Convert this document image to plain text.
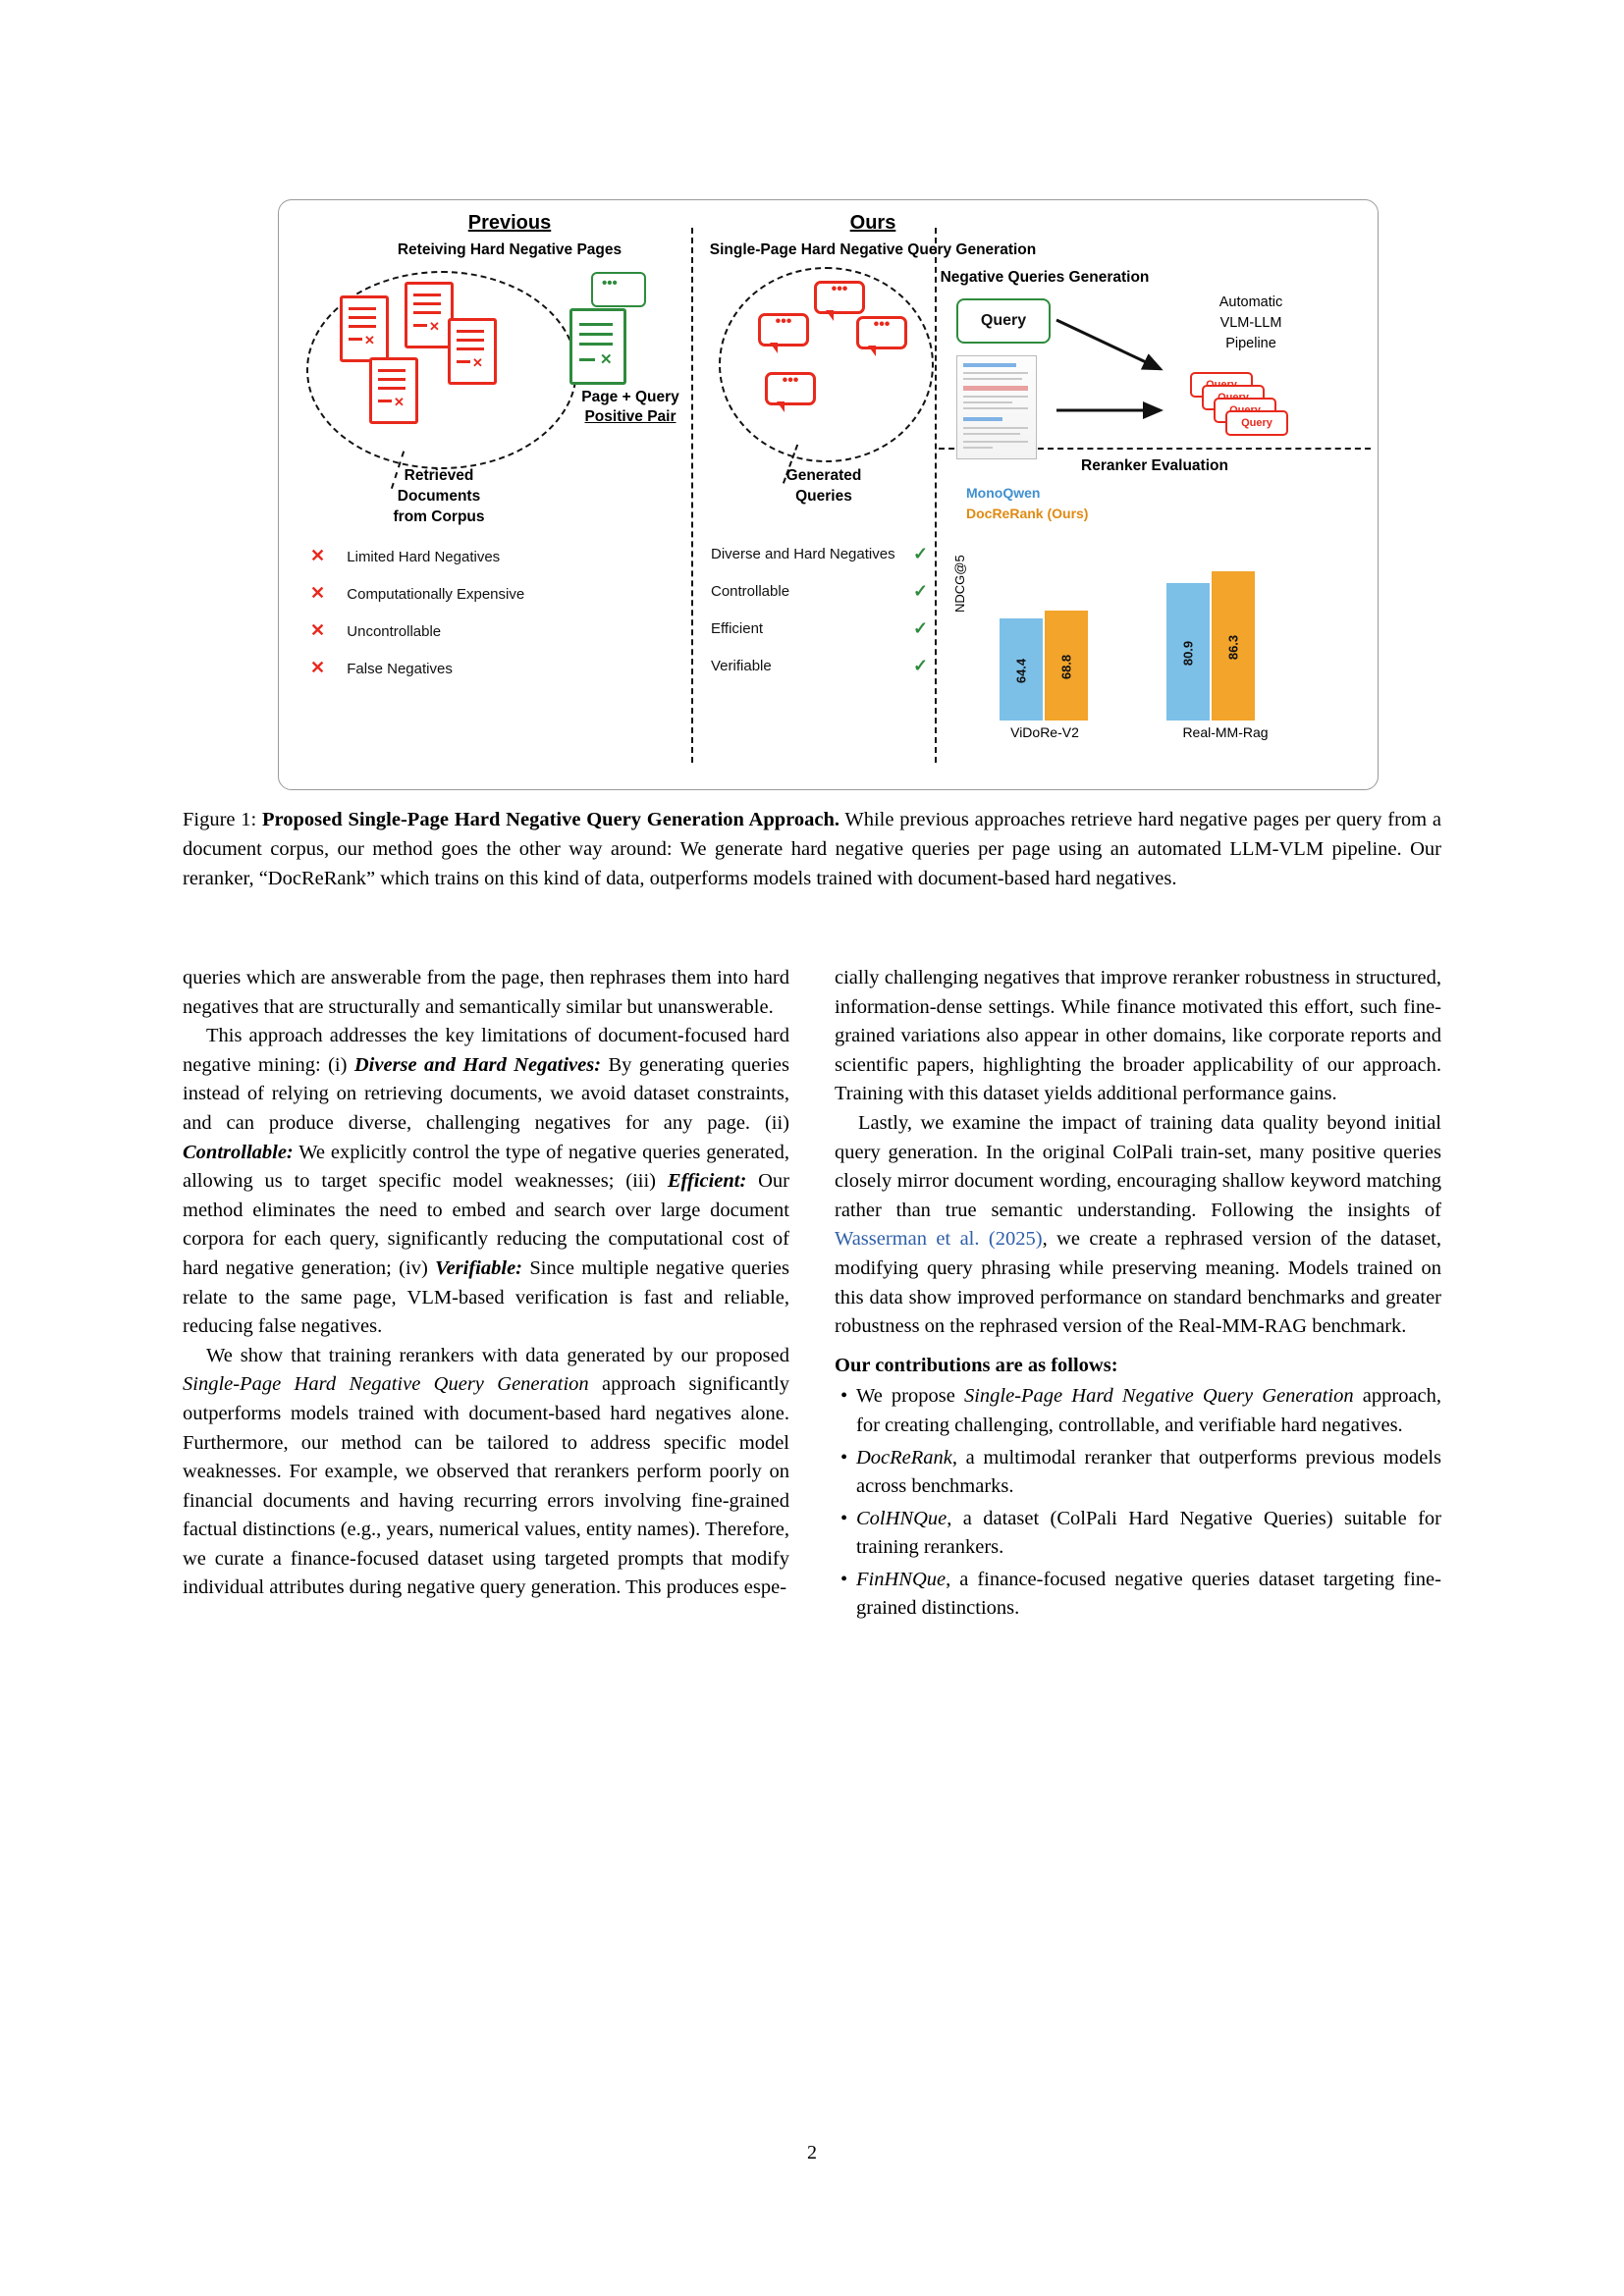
Previous
Reteiving Hard Negative Pages
Ours
Single-Page Hard Negative Query Generation
Negative Queries Generation
✕
✕
✕
✕
Retrieved
Documents
from Corpus
✕
•••
Page + Query
Positive Pair
•••
•••	•••
•••
Generated
Queries
Query
Automatic
VLM-LLM
Pipeline
Query
Reranker Evaluation
MonoQwen
DocReRank (Ours)
NDCG@5
64.4 68.8
80.9 86.3
ViDoRe-V2	Real-MM-Rag
✕ Limited Hard Negatives
✕ Computationally Expensive
✕ Uncontrollable
✕ False Negatives
Diverse and Hard Negatives	✓
Controllable	✓
Efficient	✓
Verifiable	✓
Figure 1: Proposed Single-Page Hard Negative Query Generation Approach. While previous approaches retrieve hard negative pages per query from a document corpus, our method goes the other way around: We generate hard negative queries per page using an automated LLM-VLM pipeline. Our reranker, “DocReRank” which trains on this kind of data, outperforms models trained with document-based hard negatives.

queries which are answerable from the page, then rephrases them into hard negatives that are structurally and semantically similar but unanswerable.

This approach addresses the key limitations of document-focused hard negative mining: (i) Diverse and Hard Negatives: By generating queries instead of relying on retrieving documents, we avoid dataset constraints, and can produce diverse, challenging negatives for any page. (ii) Controllable: We explicitly control the type of negative queries generated, allowing us to target specific model weaknesses; (iii) Efficient: Our method eliminates the need to embed and search over large document corpora for each query, significantly reducing the computational cost of hard negative generation; (iv) Verifiable: Since multiple negative queries relate to the same page, VLM-based verification is fast and reliable, reducing false negatives.

We show that training rerankers with data generated by our proposed Single-Page Hard Negative Query Generation approach significantly outperforms models trained with document-based hard negatives alone. Furthermore, our method can be tailored to address specific model weaknesses. For example, we observed that rerankers perform poorly on financial documents and having recurring errors involving fine-grained factual distinctions (e.g., years, numerical values, entity names). Therefore, we curate a finance-focused dataset using targeted prompts that modify individual attributes during negative query generation. This produces espe-

cially challenging negatives that improve reranker robustness in structured, information-dense settings. While finance motivated this effort, such fine-grained variations also appear in other domains, like corporate reports and scientific papers, highlighting the broader applicability of our approach. Training with this dataset yields additional performance gains.

Lastly, we examine the impact of training data quality beyond initial query generation. In the original ColPali train-set, many positive queries closely mirror document wording, encouraging shallow keyword matching rather than true semantic understanding. Following the insights of Wasserman et al. (2025), we create a rephrased version of the dataset, modifying query phrasing while preserving meaning. Models trained on this data show improved performance on standard benchmarks and greater robustness on the rephrased version of the Real-MM-RAG benchmark.

Our contributions are as follows:
• We propose Single-Page Hard Negative Query Generation approach, for creating challenging, controllable, and verifiable hard negatives.
• DocReRank, a multimodal reranker that outperforms previous models across benchmarks.
• ColHNQue, a dataset (ColPali Hard Negative Queries) suitable for training rerankers.
• FinHNQue, a finance-focused negative queries dataset targeting fine-grained distinctions.
2
